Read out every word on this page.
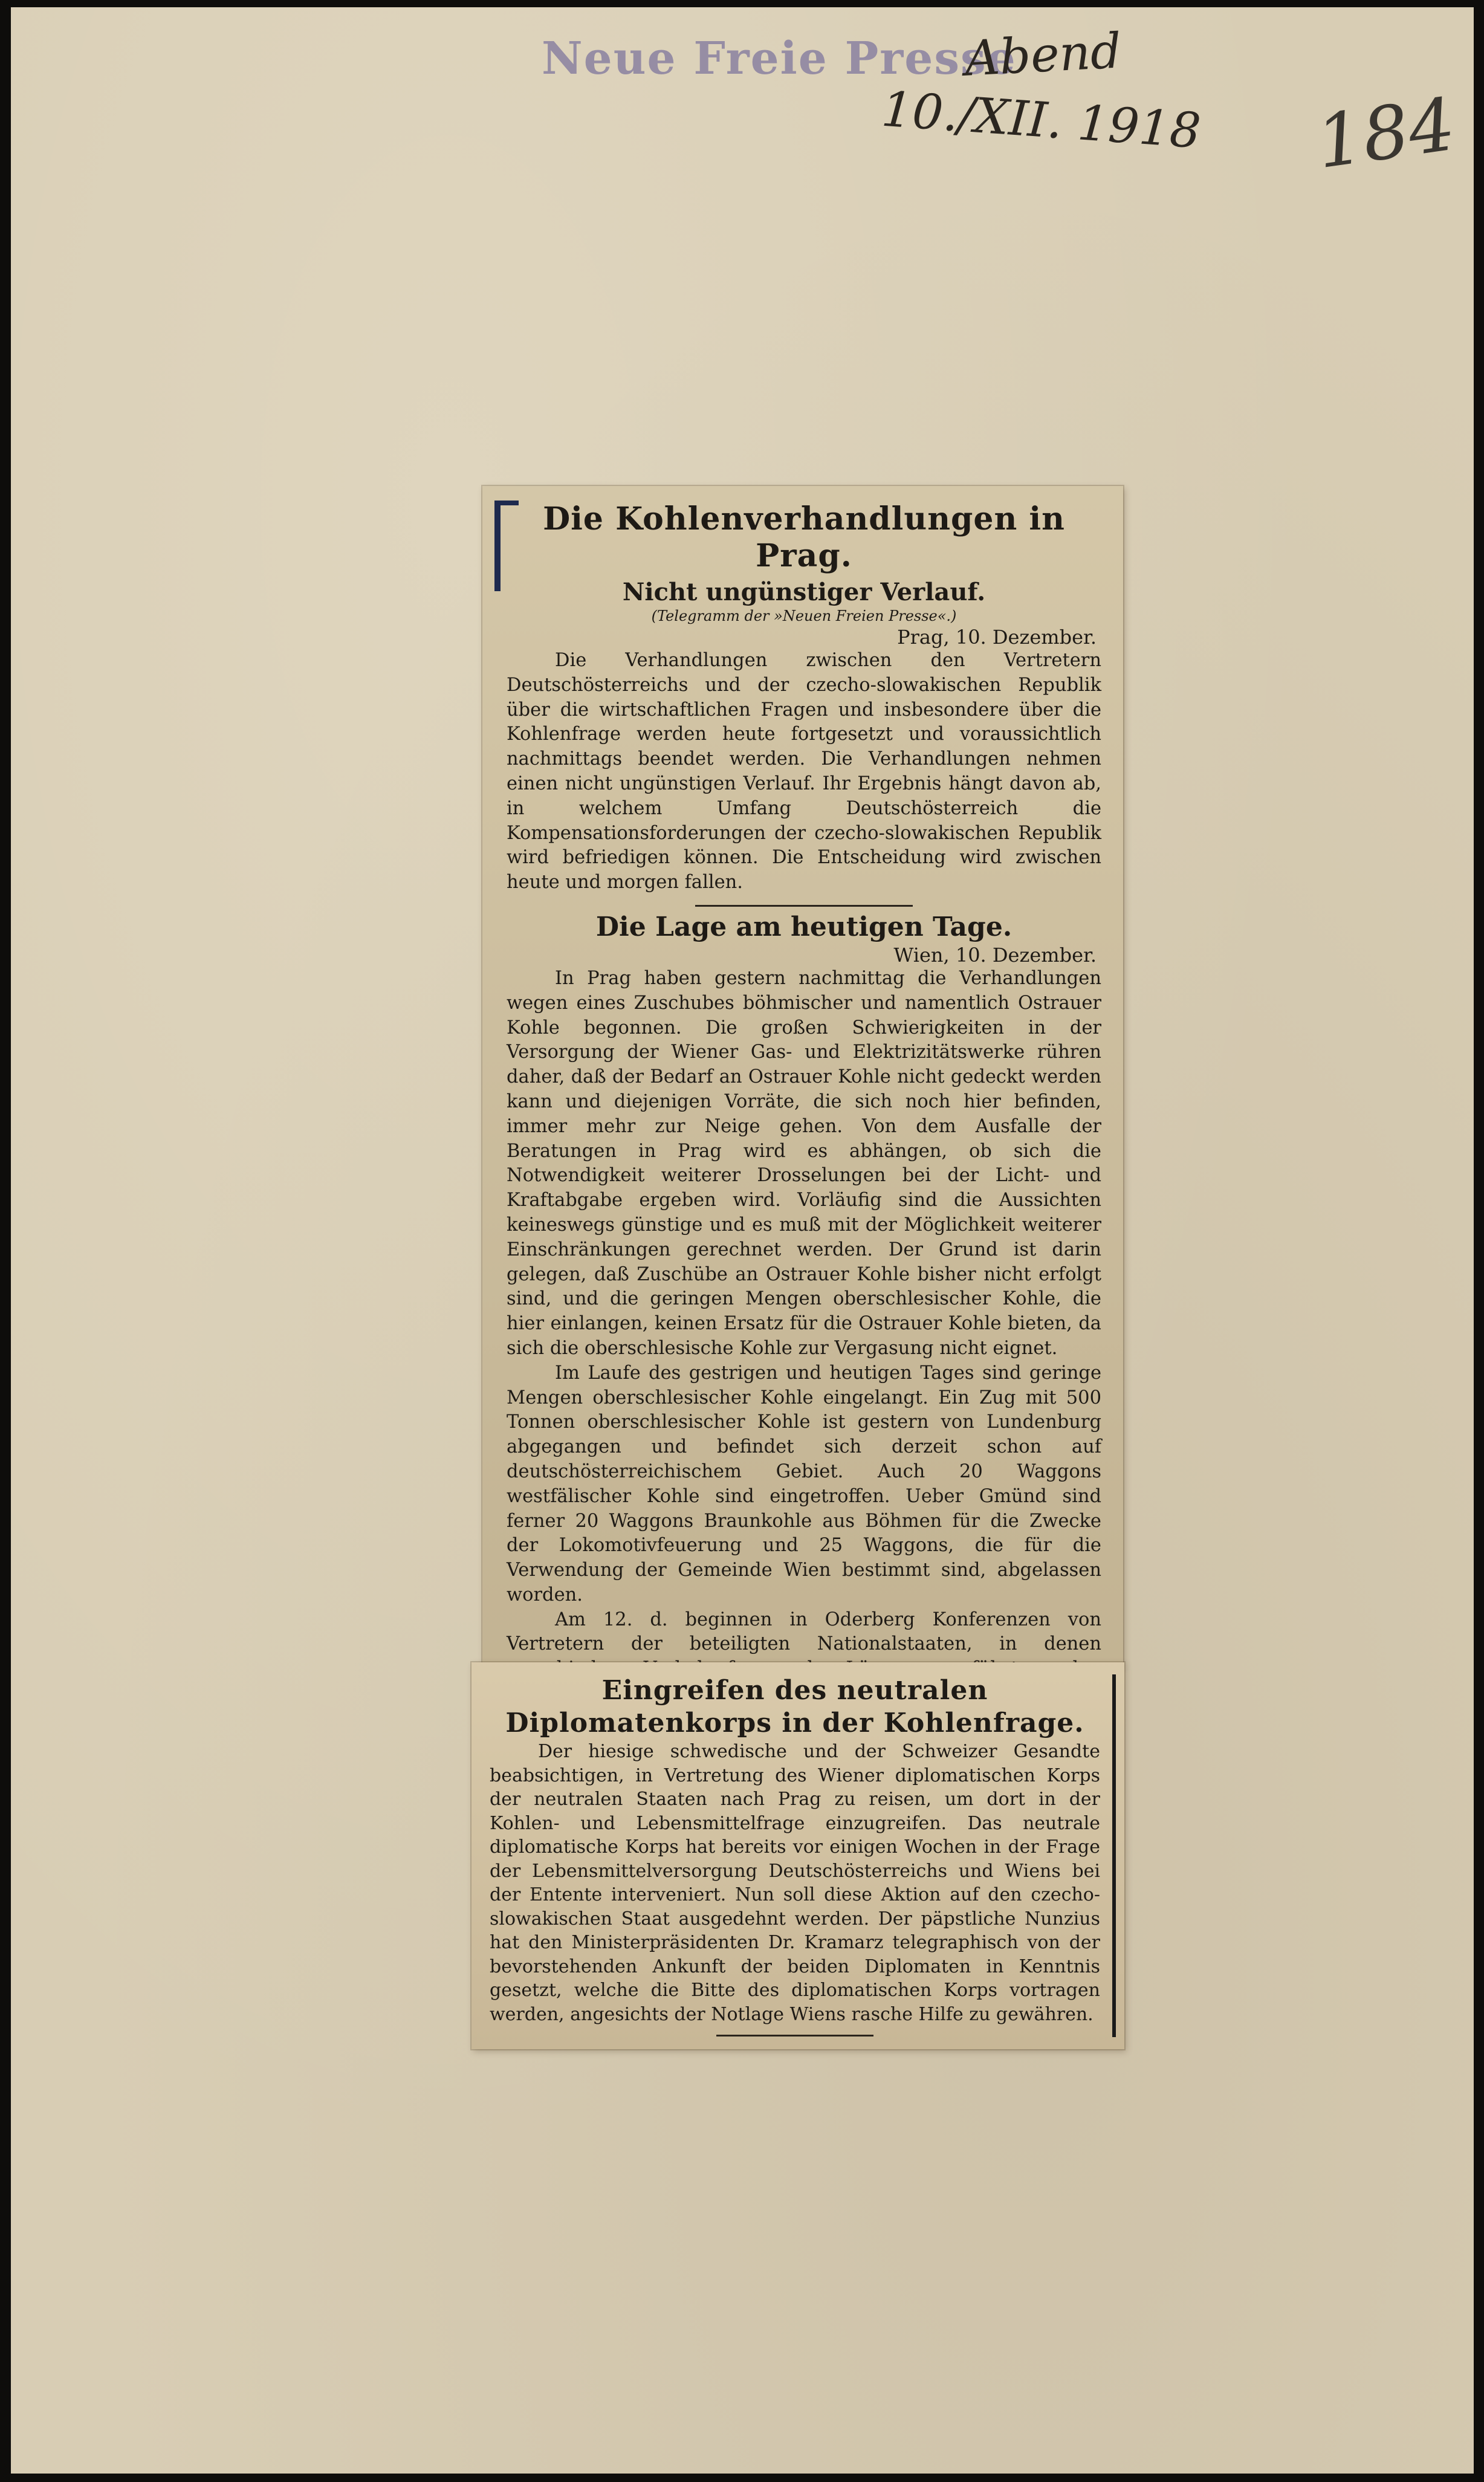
Neue Freie Presse
Abend
10./XII. 1918 184
Die Kohlenverhandlungen in Prag.
Nicht ungünstiger Verlauf.
(Telegramm der »Neuen Freien Presse«.)
Prag, 10. Dezember.

Die Verhandlungen zwischen den Vertretern Deutschösterreichs und der czecho-slowakischen Republik über die wirtschaftlichen Fragen und insbesondere über die Kohlenfrage werden heute fortgesetzt und voraussichtlich nachmittags beendet werden. Die Verhandlungen nehmen einen nicht ungünstigen Verlauf. Ihr Ergebnis hängt davon ab, in welchem Umfang Deutschösterreich die Kompensationsforderungen der czecho-slowakischen Republik wird befriedigen können. Die Entscheidung wird zwischen heute und morgen fallen.

Die Lage am heutigen Tage.
Wien, 10. Dezember.

In Prag haben gestern nachmittag die Verhandlungen wegen eines Zuschubes böhmischer und namentlich Ostrauer Kohle begonnen. Die großen Schwierigkeiten in der Versorgung der Wiener Gas- und Elektrizitätswerke rühren daher, daß der Bedarf an Ostrauer Kohle nicht gedeckt werden kann und diejenigen Vorräte, die sich noch hier befinden, immer mehr zur Neige gehen. Von dem Ausfalle der Beratungen in Prag wird es abhängen, ob sich die Notwendigkeit weiterer Drosselungen bei der Licht- und Kraftabgabe ergeben wird. Vorläufig sind die Aussichten keineswegs günstige und es muß mit der Möglichkeit weiterer Einschränkungen gerechnet werden. Der Grund ist darin gelegen, daß Zuschübe an Ostrauer Kohle bisher nicht erfolgt sind, und die geringen Mengen oberschlesischer Kohle, die hier einlangen, keinen Ersatz für die Ostrauer Kohle bieten, da sich die oberschlesische Kohle zur Vergasung nicht eignet.

Im Laufe des gestrigen und heutigen Tages sind geringe Mengen oberschlesischer Kohle eingelangt. Ein Zug mit 500 Tonnen oberschlesischer Kohle ist gestern von Lundenburg abgegangen und befindet sich derzeit schon auf deutschösterreichischem Gebiet. Auch 20 Waggons westfälischer Kohle sind eingetroffen. Ueber Gmünd sind ferner 20 Waggons Braunkohle aus Böhmen für die Zwecke der Lokomotivfeuerung und 25 Waggons, die für die Verwendung der Gemeinde Wien bestimmt sind, abgelassen worden.

Am 12. d. beginnen in Oderberg Konferenzen von Vertretern der beteiligten Nationalstaaten, in denen

Eingreifen des neutralen Diplomatenkorps in der Kohlenfrage.

Der hiesige schwedische und der Schweizer Gesandte beabsichtigen, in Vertretung des Wiener diplomatischen Korps der neutralen Staaten nach Prag zu reisen, um dort in der Kohlen- und Lebensmittelfrage einzugreifen. Das neutrale diplomatische Korps hat bereits vor einigen Wochen in der Frage der Lebensmittelversorgung Deutschösterreichs und Wiens bei der Entente interveniert. Nun soll diese Aktion auf den czecho-slowakischen Staat ausgedehnt werden. Der päpstliche Nunzius hat den Ministerpräsidenten Dr. Kramarz telegraphisch von der bevorstehenden Ankunft der beiden Diplomaten in Kenntnis gesetzt, welche die Bitte des diplomatischen Korps vortragen werden, angesichts der Notlage Wiens rasche Hilfe zu gewähren.
